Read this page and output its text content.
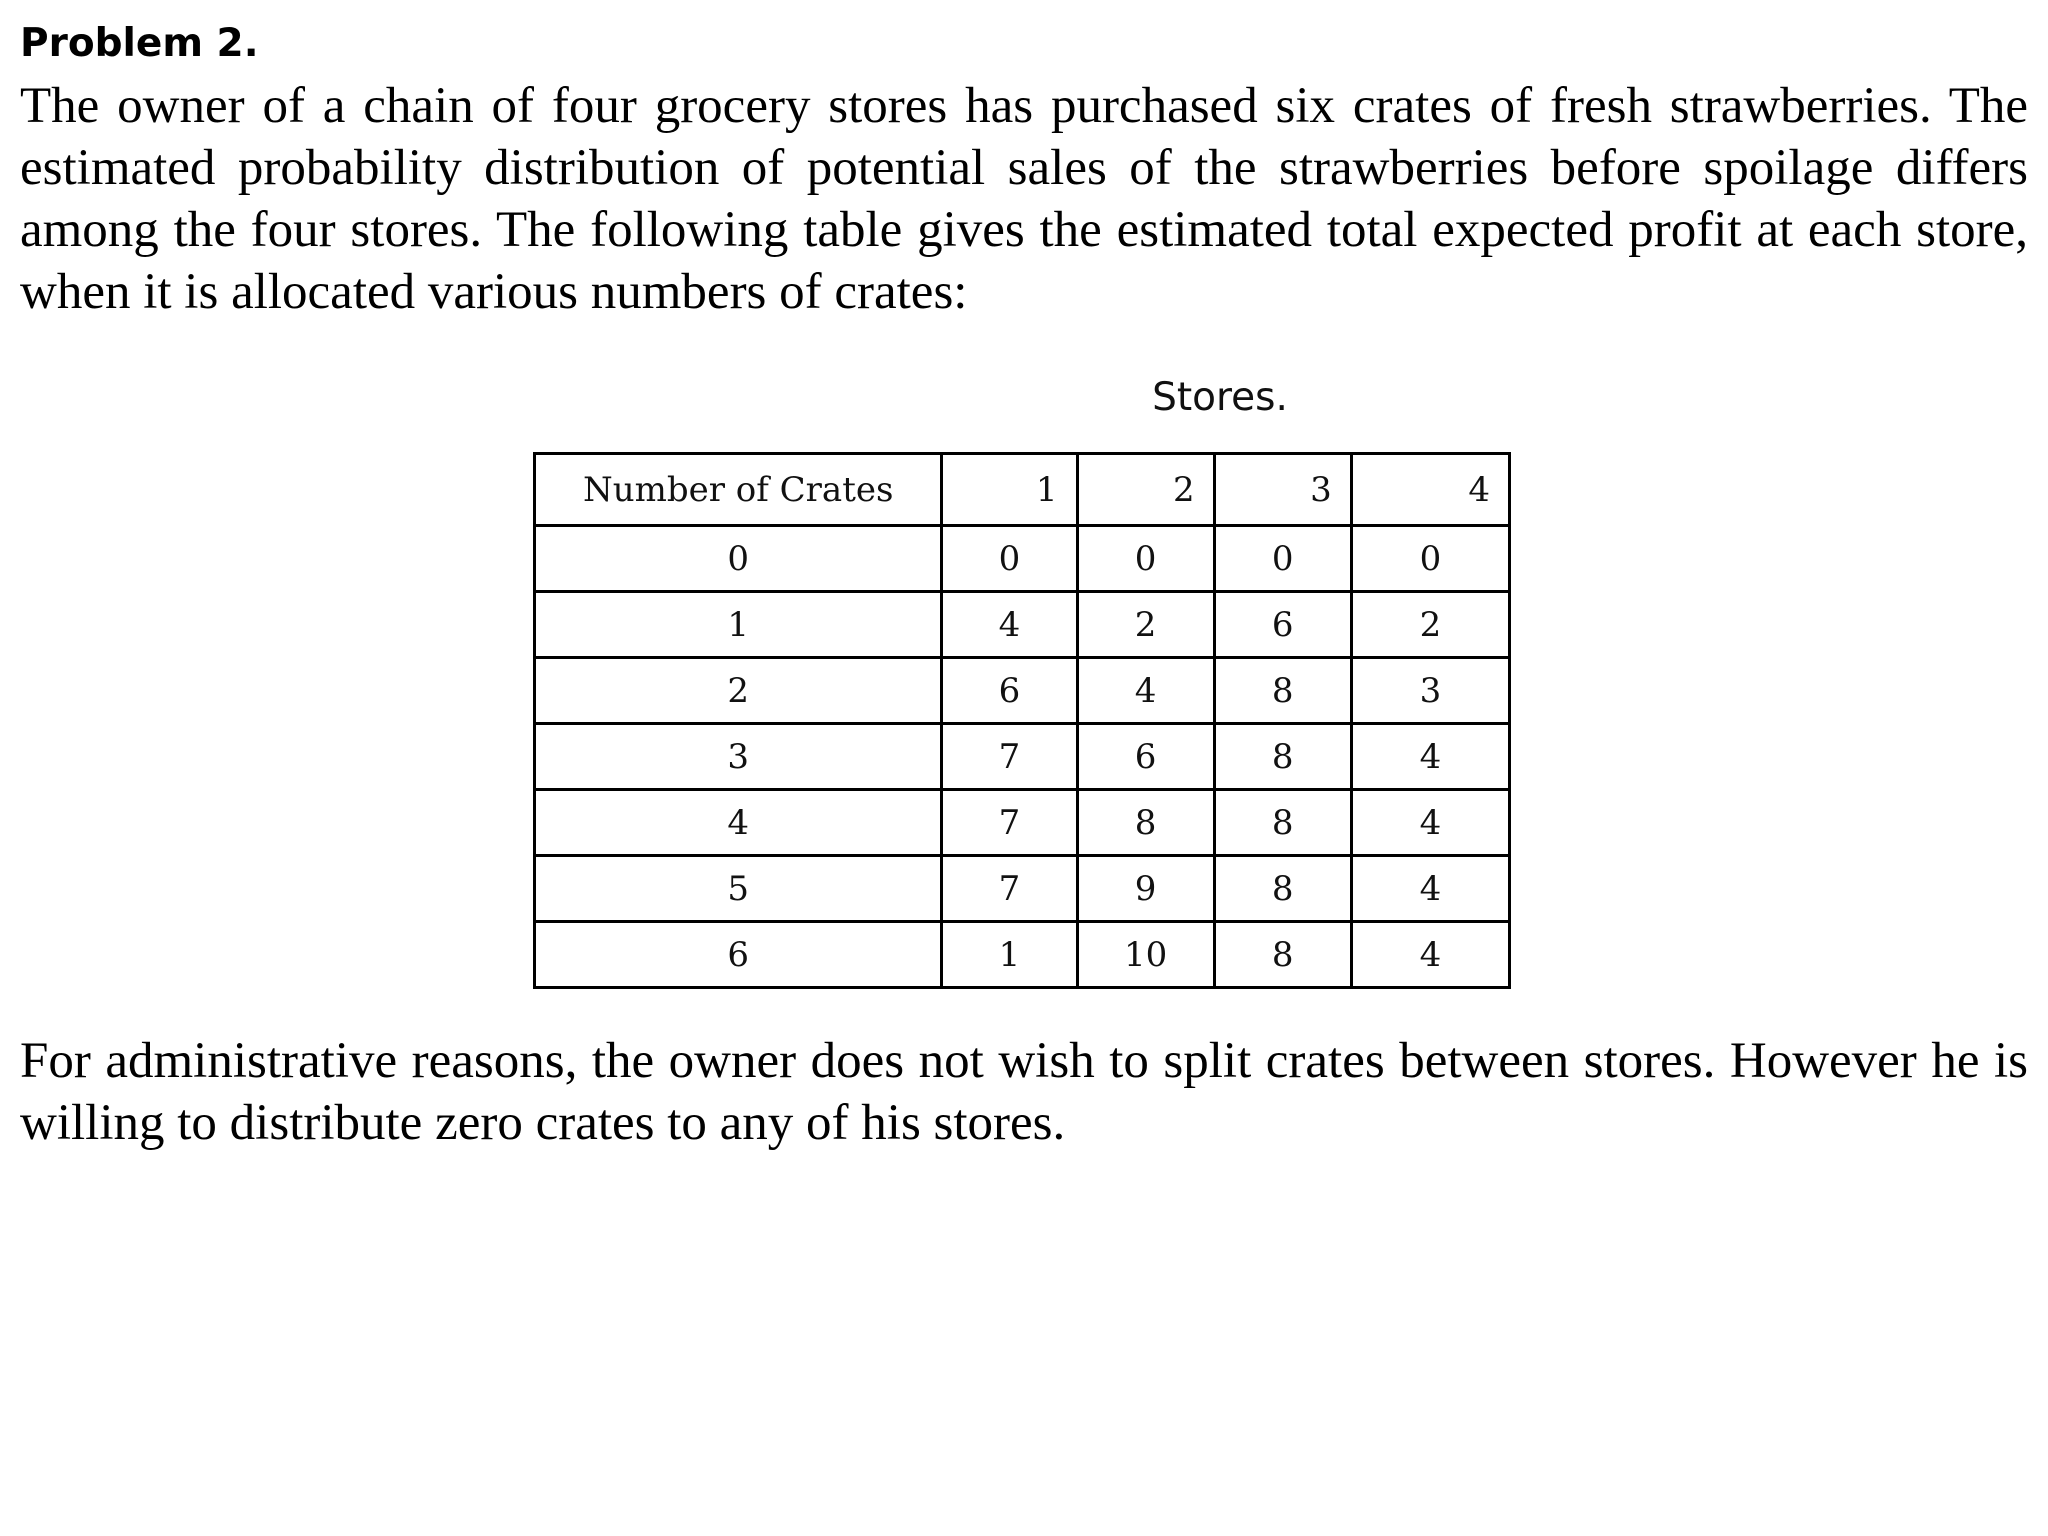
Problem 2.

The owner of a chain of four grocery stores has purchased six crates of fresh strawberries. The estimated probability distribution of potential sales of the strawberries before spoilage differs among the four stores. The following table gives the estimated total expected profit at each store, when it is allocated various numbers of crates:

Stores.
Number of Crates	1	2	3	4
0	0	0	0	0
1	4	2	6	2
2	6	4	8	3
3	7	6	8	4
4	7	8	8	4
5	7	9	8	4
6	1	10	8	4

For administrative reasons, the owner does not wish to split crates between stores. However he is willing to distribute zero crates to any of his stores.
